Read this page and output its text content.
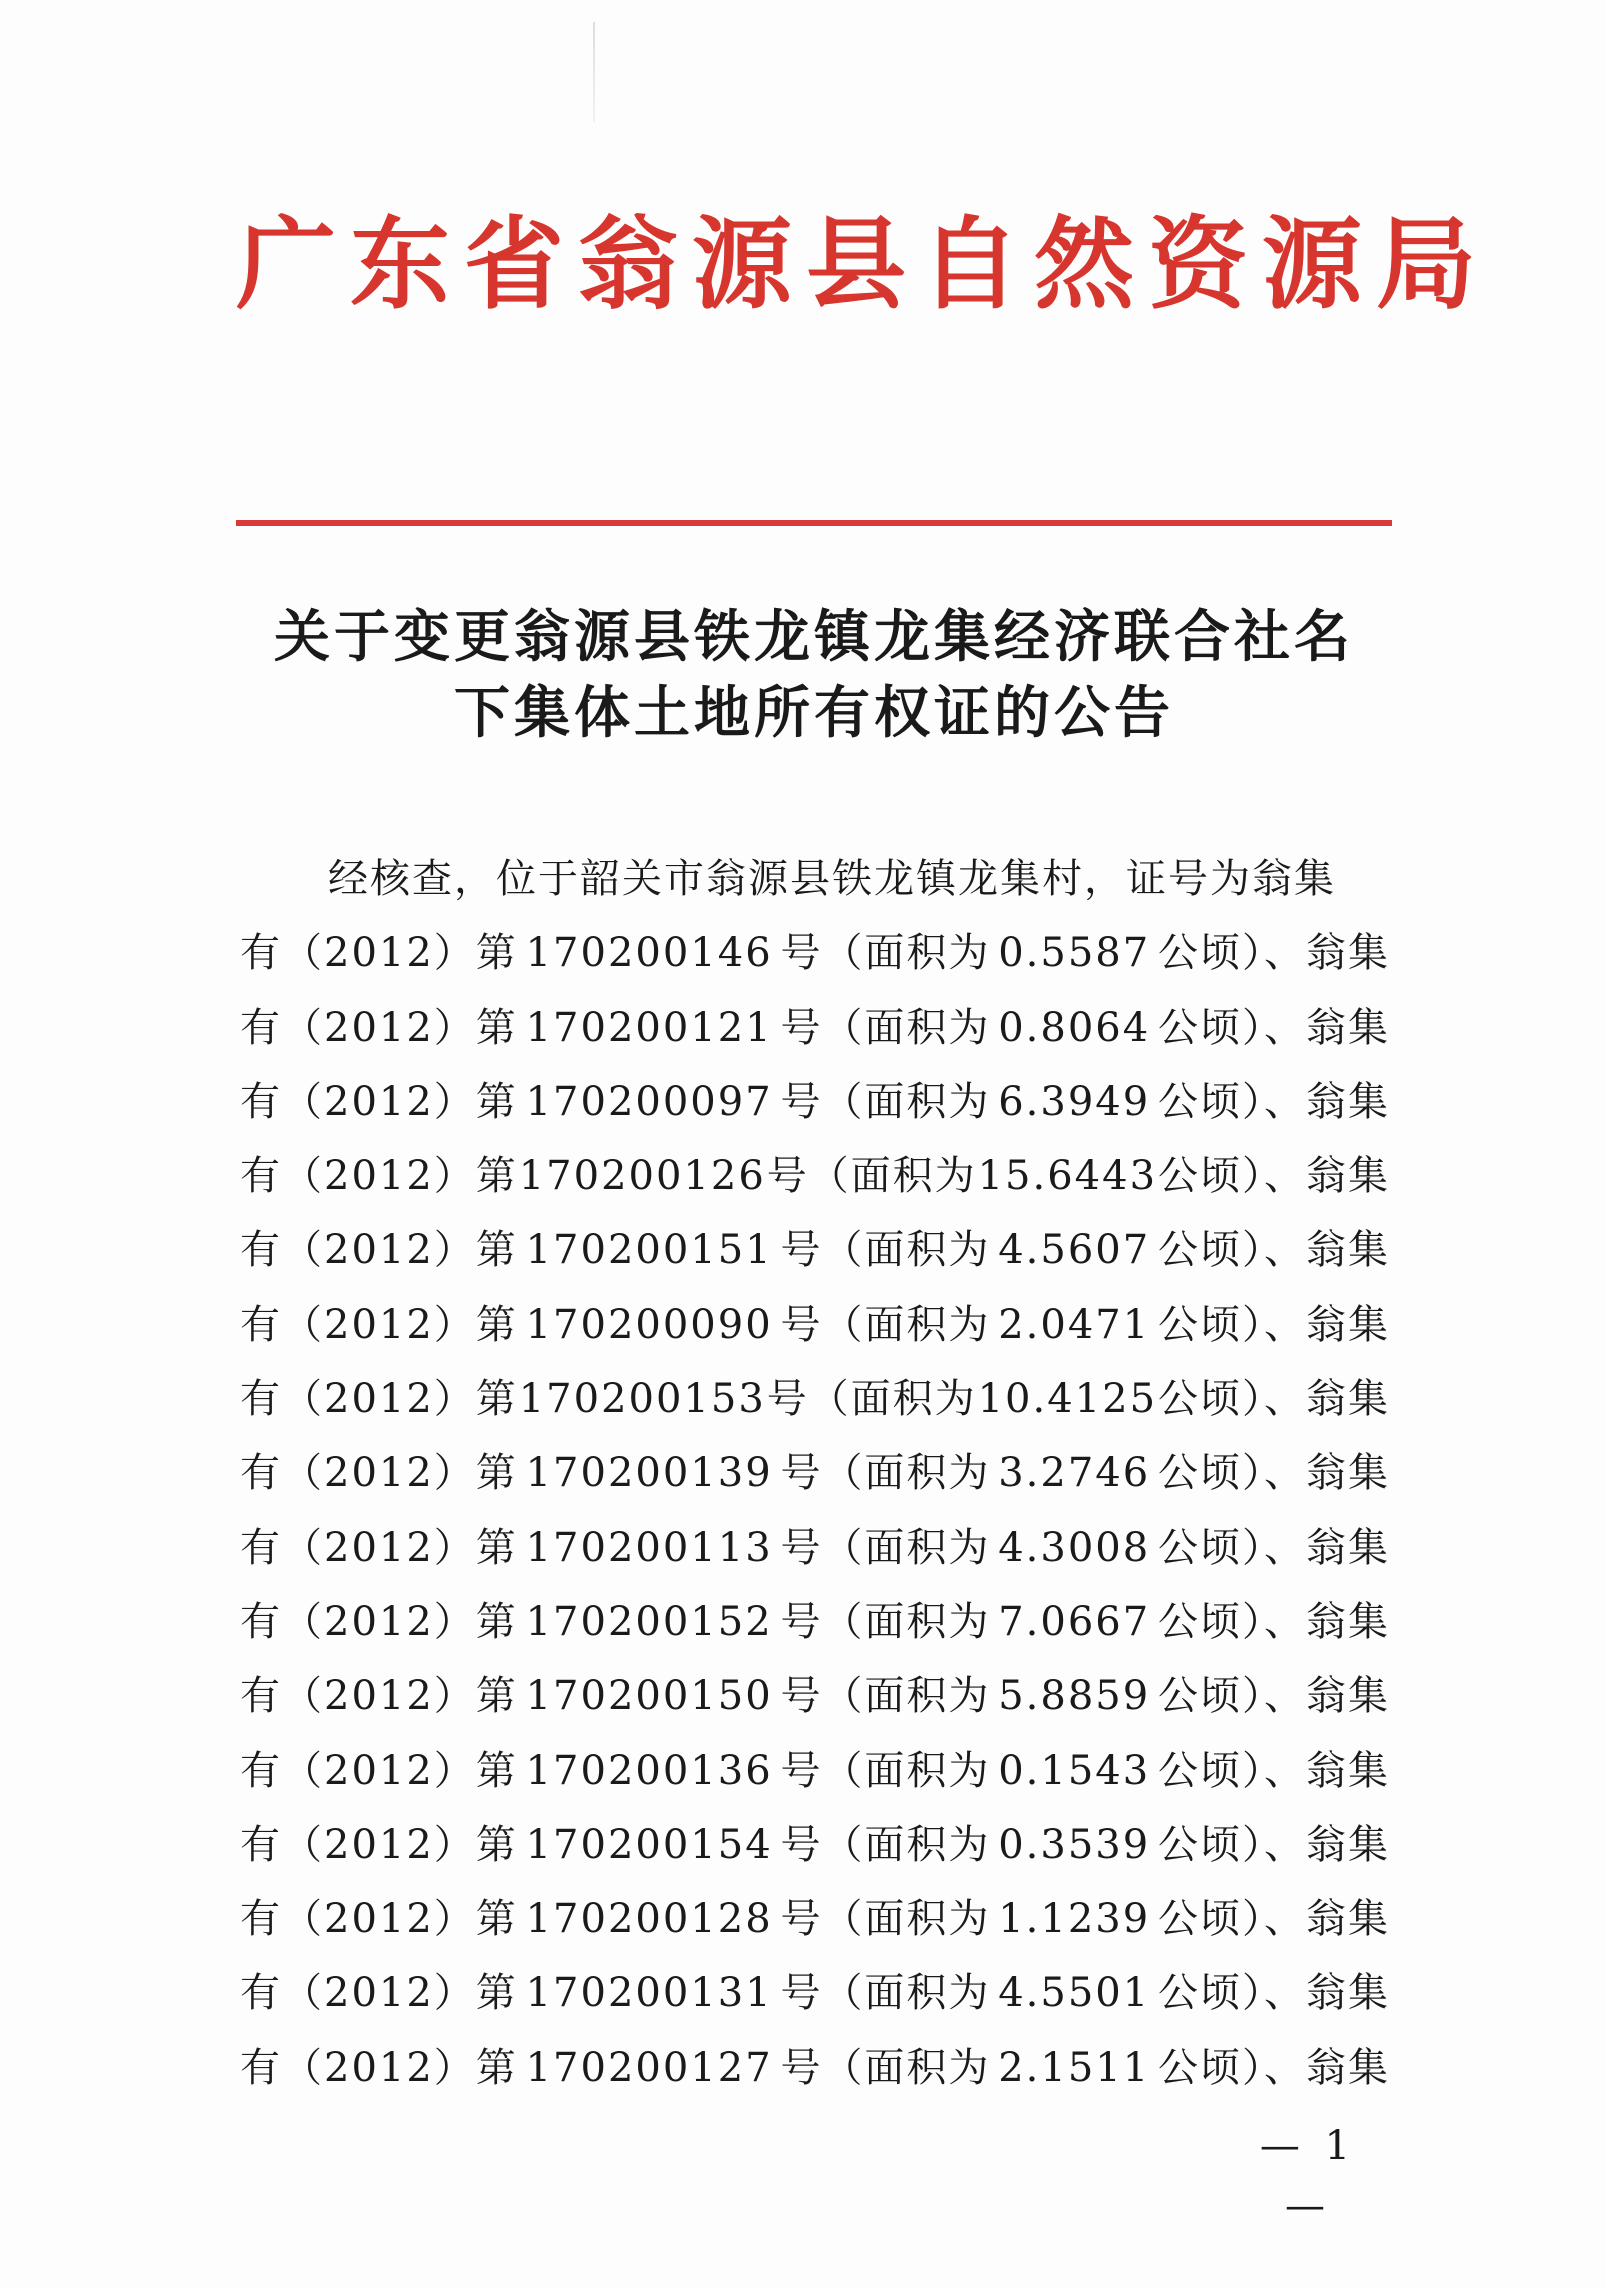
广东省翁源县自然资源局
关于变更翁源县铁龙镇龙集经济联合社名
下集体土地所有权证的公告
经核查，位于韶关市翁源县铁龙镇龙集村，证号为翁集
有（2012）第 170200146 号（面积为 0.5587 公顷）、翁集
有（2012）第 170200121 号（面积为 0.8064 公顷）、翁集
有（2012）第 170200097 号（面积为 6.3949 公顷）、翁集
有（2012）第 170200126 号（面积为 15.6443 公顷）、翁集
有（2012）第 170200151 号（面积为 4.5607 公顷）、翁集
有（2012）第 170200090 号（面积为 2.0471 公顷）、翁集
有（2012）第 170200153 号（面积为 10.4125 公顷）、翁集
有（2012）第 170200139 号（面积为 3.2746 公顷）、翁集
有（2012）第 170200113 号（面积为 4.3008 公顷）、翁集
有（2012）第 170200152 号（面积为 7.0667 公顷）、翁集
有（2012）第 170200150 号（面积为 5.8859 公顷）、翁集
有（2012）第 170200136 号（面积为 0.1543 公顷）、翁集
有（2012）第 170200154 号（面积为 0.3539 公顷）、翁集
有（2012）第 170200128 号（面积为 1.1239 公顷）、翁集
有（2012）第 170200131 号（面积为 4.5501 公顷）、翁集
有（2012）第 170200127 号（面积为 2.1511 公顷）、翁集
— 1 —
